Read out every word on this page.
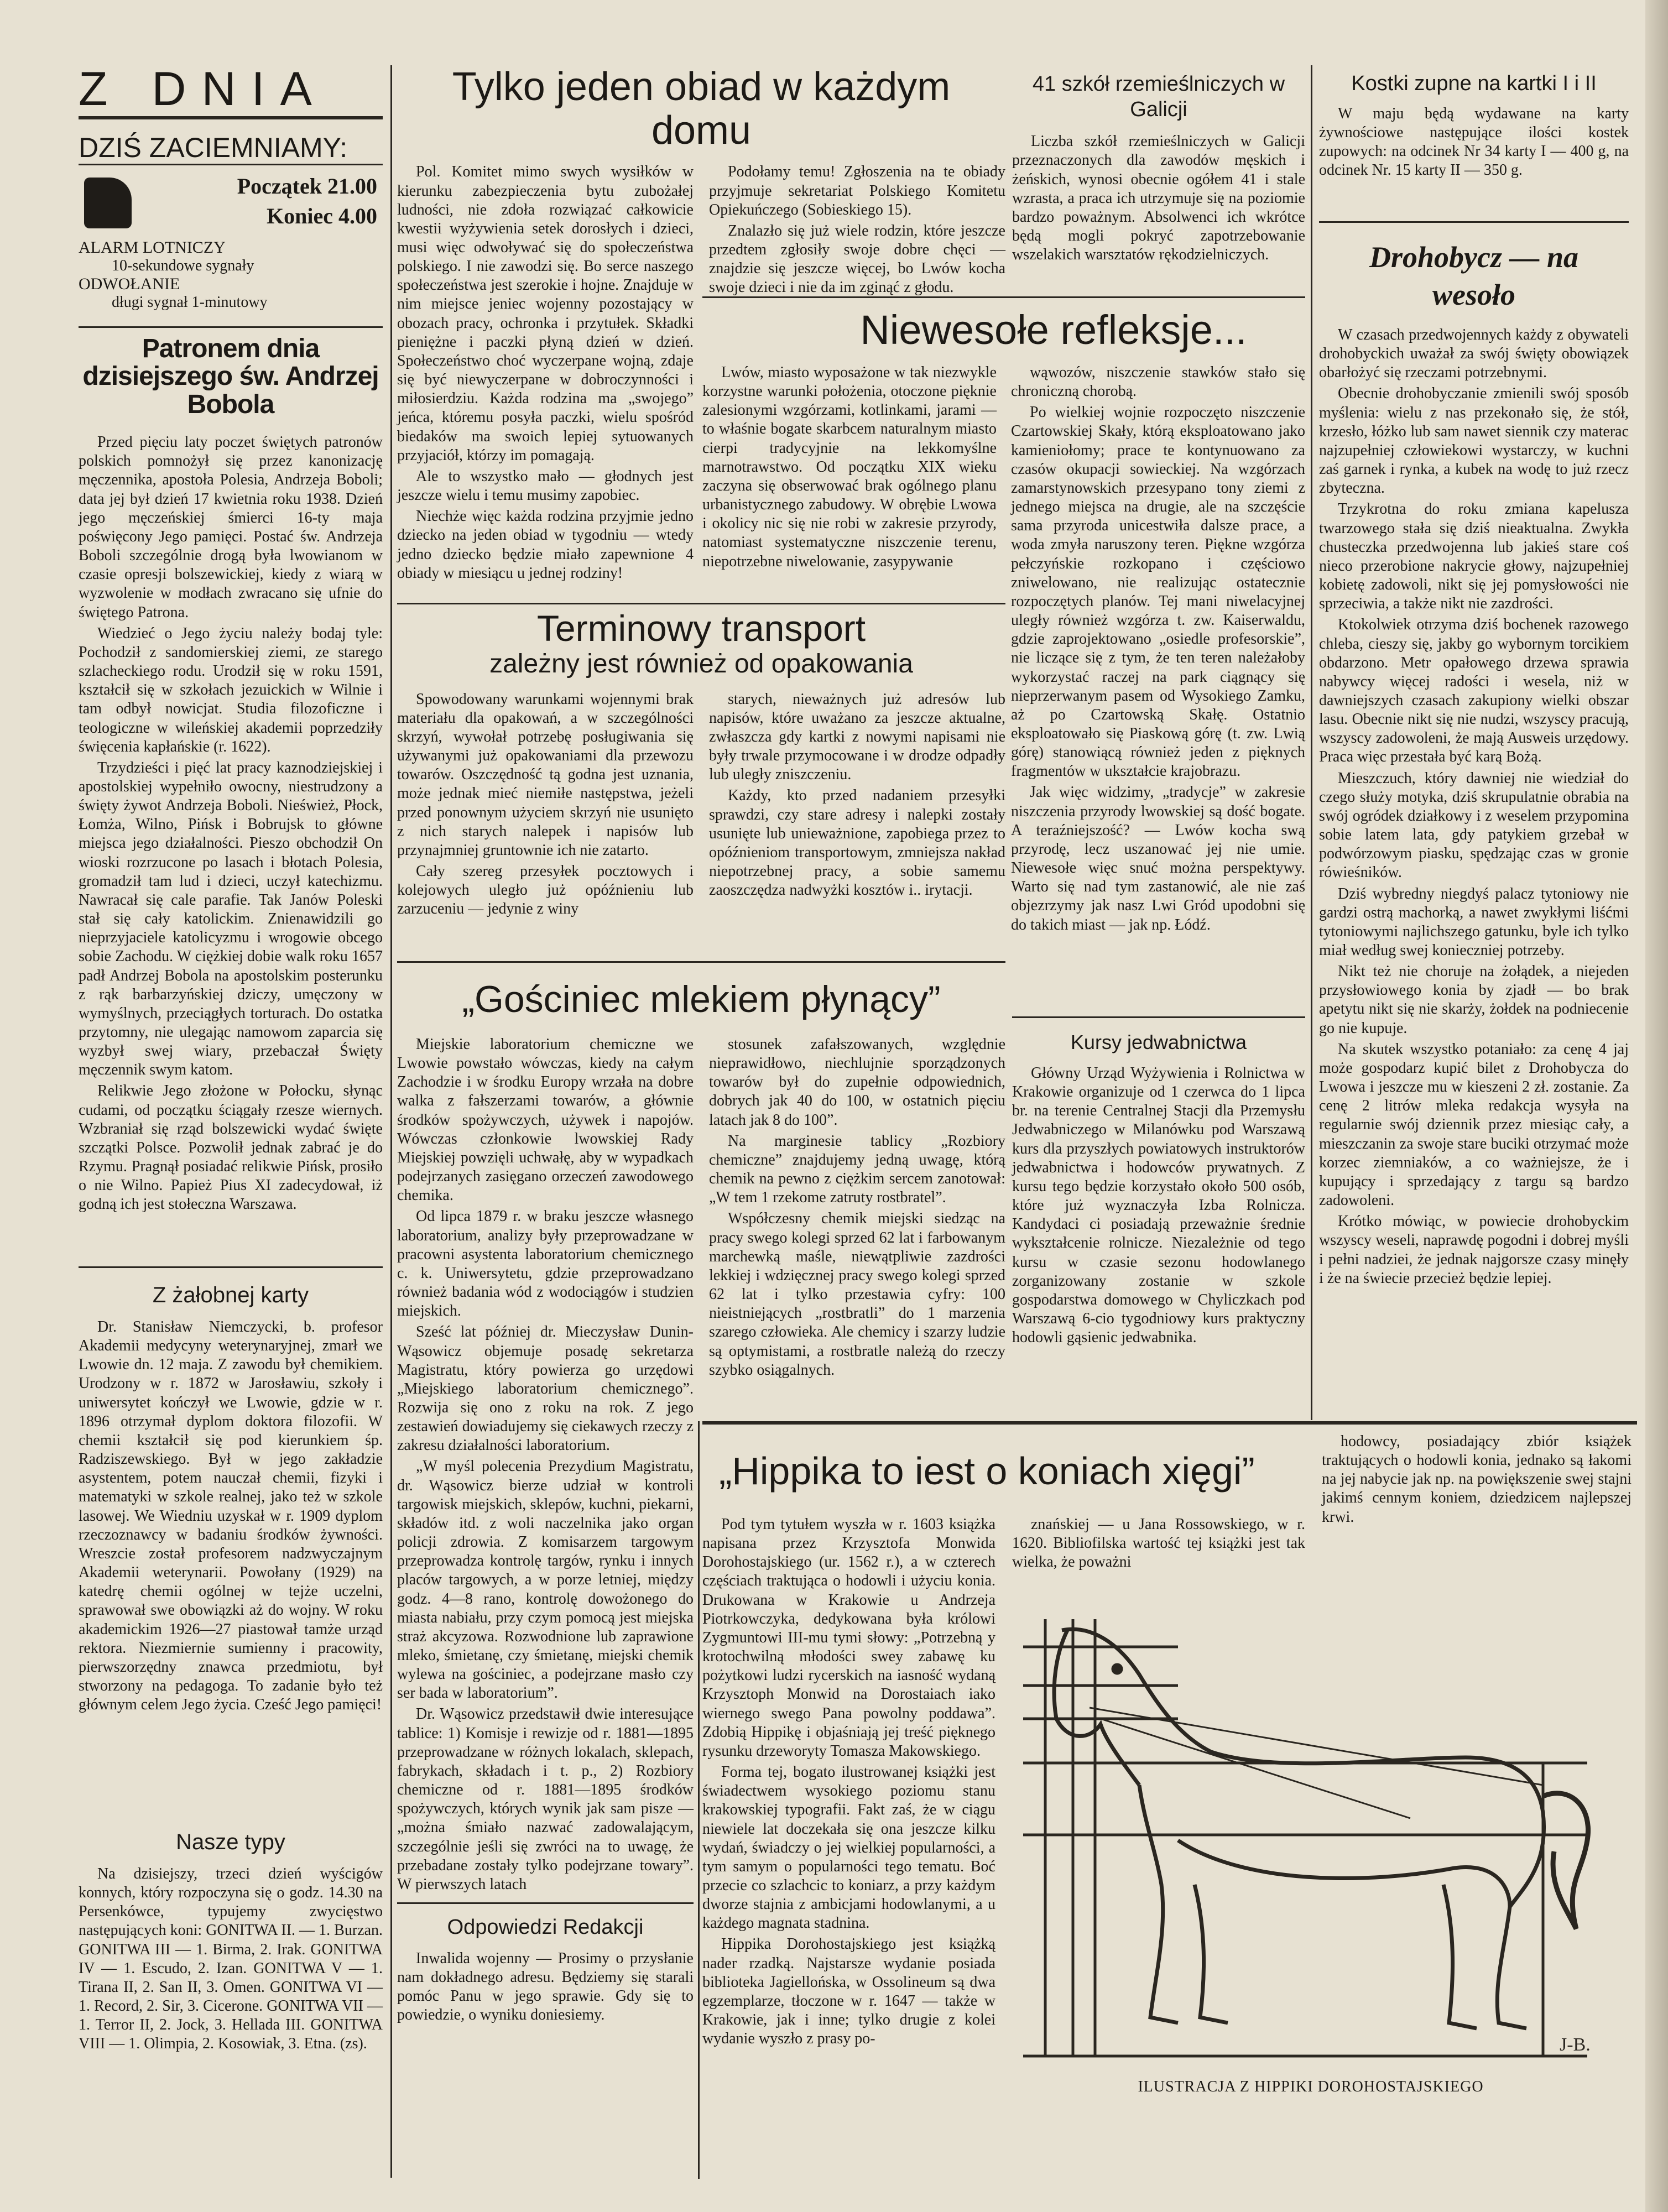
Z DNIA
DZIŚ ZACIEMNIAMY:
Początek 21.00
Koniec 4.00
ALARM LOTNICZY
10-sekundowe sygnały
ODWOŁANIE
długi sygnał 1-minutowy
Patronem dnia dzisiejszego św. Andrzej Bobola

Przed pięciu laty poczet świętych patronów polskich pomnożył się przez kanonizację męczennika, apostoła Polesia, Andrzeja Boboli; data jej był dzień 17 kwietnia roku 1938. Dzień jego męczeńskiej śmierci 16-ty maja poświęcony Jego pamięci. Postać św. Andrzeja Boboli szczególnie drogą była lwowianom w czasie opresji bolszewickiej, kiedy z wiarą w wyzwolenie w modłach zwracano się ufnie do świętego Patrona.

Wiedzieć o Jego życiu należy bodaj tyle: Pochodził z sandomierskiej ziemi, ze starego szlacheckiego rodu. Urodził się w roku 1591, kształcił się w szkołach jezuickich w Wilnie i tam odbył nowicjat. Studia filozoficzne i teologiczne w wileńskiej akademii poprzedziły święcenia kapłańskie (r. 1622).

Trzydzieści i pięć lat pracy kaznodziejskiej i apostolskiej wypełniło owocny, niestrudzony a święty żywot Andrzeja Boboli. Nieśwież, Płock, Łomża, Wilno, Pińsk i Bobrujsk to główne miejsca jego działalności. Pieszo obchodził On wioski rozrzucone po lasach i błotach Polesia, gromadził tam lud i dzieci, uczył katechizmu. Nawracał się cale parafie. Tak Janów Poleski stał się cały katolickim. Znienawidzili go nieprzyjaciele katolicyzmu i wrogowie obcego sobie Zachodu. W ciężkiej dobie walk roku 1657 padł Andrzej Bobola na apostolskim posterunku z rąk barbarzyńskiej dziczy, umęczony w wymyślnych, przeciągłych torturach. Do ostatka przytomny, nie ulegając namowom zaparcia się wyzbył swej wiary, przebaczał Święty męczennik swym katom.

Relikwie Jego złożone w Połocku, słynąc cudami, od początku ściągały rzesze wiernych. Wzbraniał się rząd bolszewicki wydać święte szczątki Polsce. Pozwolił jednak zabrać je do Rzymu. Pragnął posiadać relikwie Pińsk, prosiło o nie Wilno. Papież Pius XI zadecydował, iż godną ich jest stołeczna Warszawa.

Z żałobnej karty

Dr. Stanisław Niemczycki, b. profesor Akademii medycyny weterynaryjnej, zmarł we Lwowie dn. 12 maja. Z zawodu był chemikiem. Urodzony w r. 1872 w Jarosławiu, szkoły i uniwersytet kończył we Lwowie, gdzie w r. 1896 otrzymał dyplom doktora filozofii. W chemii kształcił się pod kierunkiem śp. Radziszewskiego. Był w jego zakładzie asystentem, potem nauczał chemii, fizyki i matematyki w szkole realnej, jako też w szkole lasowej. We Wiedniu uzyskał w r. 1909 dyplom rzeczoznawcy w badaniu środków żywności. Wreszcie został profesorem nadzwyczajnym Akademii weterynarii. Powołany (1929) na katedrę chemii ogólnej w tejże uczelni, sprawował swe obowiązki aż do wojny. W roku akademickim 1926—27 piastował tamże urząd rektora. Niezmiernie sumienny i pracowity, pierwszorzędny znawca przedmiotu, był stworzony na pedagoga. To zadanie było też głównym celem Jego życia. Cześć Jego pamięci!

Nasze typy

Na dzisiejszy, trzeci dzień wyścigów konnych, który rozpoczyna się o godz. 14.30 na Persenkówce, typujemy zwycięstwo następujących koni: GONITWA II. — 1. Burzan. GONITWA III — 1. Birma, 2. Irak. GONITWA IV — 1. Escudo, 2. Izan. GONITWA V — 1. Tirana II, 2. San II, 3. Omen. GONITWA VI — 1. Record, 2. Sir, 3. Cicerone. GONITWA VII — 1. Terror II, 2. Jock, 3. Hellada III. GONITWA VIII — 1. Olimpia, 2. Kosowiak, 3. Etna. (zs).

Tylko jeden obiad w każdym domu

Pol. Komitet mimo swych wysiłków w kierunku zabezpieczenia bytu zubożałej ludności, nie zdoła rozwiązać całkowicie kwestii wyżywienia setek dorosłych i dzieci, musi więc odwoływać się do społeczeństwa polskiego. I nie zawodzi się. Bo serce naszego społeczeństwa jest szerokie i hojne. Znajduje w nim miejsce jeniec wojenny pozostający w obozach pracy, ochronka i przytułek. Składki pieniężne i paczki płyną dzień w dzień. Społeczeństwo choć wyczerpane wojną, zdaje się być niewyczerpane w dobroczynności i miłosierdziu. Każda rodzina ma „swojego” jeńca, któremu posyła paczki, wielu spośród biedaków ma swoich lepiej sytuowanych przyjaciół, którzy im pomagają.

Ale to wszystko mało — głodnych jest jeszcze wielu i temu musimy zapobiec.

Niechże więc każda rodzina przyjmie jedno dziecko na jeden obiad w tygodniu — wtedy jedno dziecko będzie miało zapewnione 4 obiady w miesiącu u jednej rodziny!

Podołamy temu! Zgłoszenia na te obiady przyjmuje sekretariat Polskiego Komitetu Opiekuńczego (Sobieskiego 15).

Znalazło się już wiele rodzin, które jeszcze przedtem zgłosiły swoje dobre chęci — znajdzie się jeszcze więcej, bo Lwów kocha swoje dzieci i nie da im zginąć z głodu.

41 szkół rzemieślniczych w Galicji

Liczba szkół rzemieślniczych w Galicji przeznaczonych dla zawodów męskich i żeńskich, wynosi obecnie ogółem 41 i stale wzrasta, a praca ich utrzymuje się na poziomie bardzo poważnym. Absolwenci ich wkrótce będą mogli pokryć zapotrzebowanie wszelakich warsztatów rękodzielniczych.

Kostki zupne na kartki I i II

W maju będą wydawane na karty żywnościowe następujące ilości kostek zupowych: na odcinek Nr 34 karty I — 400 g, na odcinek Nr. 15 karty II — 350 g.

Drohobycz — na wesoło

W czasach przedwojennych każdy z obywateli drohobyckich uważał za swój święty obowiązek obarłożyć się rzeczami potrzebnymi.

Obecnie drohobyczanie zmienili swój sposób myślenia: wielu z nas przekonało się, że stół, krzesło, łóżko lub sam nawet siennik czy materac najzupełniej człowiekowi wystarczy, w kuchni zaś garnek i rynka, a kubek na wodę to już rzecz zbyteczna.

Trzykrotna do roku zmiana kapelusza twarzowego stała się dziś nieaktualna. Zwykła chusteczka przedwojenna lub jakieś stare coś nieco przerobione nakrycie głowy, najzupełniej kobietę zadowoli, nikt się jej pomysłowości nie sprzeciwia, a także nikt nie zazdrości.

Ktokolwiek otrzyma dziś bochenek razowego chleba, cieszy się, jakby go wybornym torcikiem obdarzono. Metr opałowego drzewa sprawia nabywcy więcej radości i wesela, niż w dawniejszych czasach zakupiony wielki obszar lasu. Obecnie nikt się nie nudzi, wszyscy pracują, wszyscy zadowoleni, że mają Ausweis urzędowy. Praca więc przestała być karą Bożą.

Mieszczuch, który dawniej nie wiedział do czego służy motyka, dziś skrupulatnie obrabia na swój ogródek działkowy i z weselem przypomina sobie latem lata, gdy patykiem grzebał w podwórzowym piasku, spędzając czas w gronie rówieśników.

Dziś wybredny niegdyś palacz tytoniowy nie gardzi ostrą machorką, a nawet zwykłymi liśćmi tytoniowymi najlichszego gatunku, byle ich tylko miał według swej konieczniej potrzeby.

Nikt też nie choruje na żołądek, a niejeden przysłowiowego konia by zjadł — bo brak apetytu nikt się nie skarży, żołdek na podniecenie go nie kupuje.

Na skutek wszystko potaniało: za cenę 4 jaj może gospodarz kupić bilet z Drohobycza do Lwowa i jeszcze mu w kieszeni 2 zł. zostanie. Za cenę 2 litrów mleka redakcja wysyła na regularnie swój dziennik przez miesiąc cały, a mieszczanin za swoje stare bucikі otrzymać może korzec ziemniaków, a co ważniejsze, że i kupujący i sprzedający z targu są bardzo zadowoleni.

Krótko mówiąc, w powiecie drohobyckim wszyscy weseli, naprawdę pogodni i dobrej myśli i pełni nadziei, że jednak najgorsze czasy minęły i że na świecie przecież będzie lepiej.

Niewesołe refleksje...

Lwów, miasto wyposażone w tak niezwykle korzystne warunki położenia, otoczone pięknie zalesionymi wzgórzami, kotlinkami, jarami — to właśnie bogate skarbcem naturalnym miasto cierpi tradycyjnie na lekkomyślne marnotrawstwo. Od początku XIX wieku zaczyna się obserwować brak ogólnego planu urbanistycznego zabudowy. W obrębie Lwowa i okolicy nic się nie robi w zakresie przyrody, natomiast systematyczne niszczenie terenu, niepotrzebne niwelowanie, zasypywanie

wąwozów, niszczenie stawków stało się chroniczną chorobą.

Po wielkiej wojnie rozpoczęto niszczenie Czartowskiej Skały, którą eksploatowano jako kamieniołomy; prace te kontynuowano za czasów okupacji sowieckiej. Na wzgórzach zamarstynowskich przesypano tony ziemi z jednego miejsca na drugie, ale na szczęście sama przyroda unicestwiła dalsze prace, a woda zmyła naruszony teren. Piękne wzgórza pełczyńskie rozkopano i częściowo zniwelowano, nie realizując ostatecznie rozpoczętych planów. Tej mani niwelacyjnej uległy również wzgórza t. zw. Kaiserwaldu, gdzie zaprojektowano „osiedle profesorskie”, nie liczące się z tym, że ten teren należałoby wykorzystać raczej na park ciągnący się nieprzerwanym pasem od Wysokiego Zamku, aż po Czartowską Skałę. Ostatnio eksploatowało się Piaskową górę (t. zw. Lwią górę) stanowiącą również jeden z pięknych fragmentów w ukształcie krajobrazu.

Jak więc widzimy, „tradycje” w zakresie niszczenia przyrody lwowskiej są dość bogate. A teraźniejszość? — Lwów kocha swą przyrodę, lecz uszanować jej nie umie. Niewesołe więc snuć można perspektywy. Warto się nad tym zastanowić, ale nie zaś objezrzymy jak nasz Lwi Gród upodobni się do takich miast — jak np. Łódź.

Terminowy transport
zależny jest również od opakowania

Spowodowany warunkami wojennymi brak materiału dla opakowań, a w szczególności skrzyń, wywołał potrzebę posługiwania się używanymi już opakowaniami dla przewozu towarów. Oszczędność tą godna jest uznania, może jednak mieć niemiłe następstwa, jeżeli przed ponownym użyciem skrzyń nie usunięto z nich starych nalepek i napisów lub przynajmniej gruntownie ich nie zatarto.

Cały szereg przesyłek pocztowych i kolejowych uległo już opóźnieniu lub zarzuceniu — jedynie z winy

starych, nieważnych już adresów lub napisów, które uważano za jeszcze aktualne, zwłaszcza gdy kartki z nowymi napisami nie były trwale przymocowane i w drodze odpadły lub uległy zniszczeniu.

Każdy, kto przed nadaniem przesyłki sprawdzi, czy stare adresy i nalepki zostały usunięte lub unieważnione, zapobiega przez to opóźnieniom transportowym, zmniejsza nakład niepotrzebnej pracy, a sobie samemu zaoszczędza nadwyżki kosztów i.. irytacji.

„Gościniec mlekiem płynący”

Miejskie laboratorium chemiczne we Lwowie powstało wówczas, kiedy na całym Zachodzie i w środku Europy wrzała na dobre walka z fałszerzami towarów, a głównie środków spożywczych, używek i napojów. Wówczas członkowie lwowskiej Rady Miejskiej powzięli uchwałę, aby w wypadkach podejrzanych zasięgano orzeczeń zawodowego chemika.

Od lipca 1879 r. w braku jeszcze własnego laboratorium, analizy były przeprowadzane w pracowni asystenta laboratorium chemicznego c. k. Uniwersytetu, gdzie przeprowadzano również badania wód z wodociągów i studzien miejskich.

Sześć lat później dr. Mieczysław Dunin-Wąsowicz objemuje posadę sekretarza Magistratu, który powierza go urzędowi „Miejskiego laboratorium chemicznego”. Rozwija się ono z roku na rok. Z jego zestawień dowiadujemy się ciekawych rzeczy z zakresu działalności laboratorium.

„W myśl polecenia Prezydium Magistratu, dr. Wąsowicz bierze udział w kontroli targowisk miejskich, sklepów, kuchni, piekarni, składów itd. z woli naczelnika jako organ policji zdrowia. Z komisarzem targowym przeprowadza kontrolę targów, rynku i innych placów targowych, a w porze letniej, między godz. 4—8 rano, kontrolę dowożonego do miasta nabiału, przy czym pomocą jest miejska straż akcyzowa. Rozwodnione lub zaprawione mleko, śmietanę, czy śmietanę, miejski chemik wylewa na gościniec, a podejrzane masło czy ser bada w laboratorium”.

Dr. Wąsowicz przedstawił dwie interesujące tablice: 1) Komisje i rewizje od r. 1881—1895 przeprowadzane w różnych lokalach, sklepach, fabrykach, składach i t. p., 2) Rozbiory chemiczne od r. 1881—1895 środków spożywczych, których wynik jak sam pisze — „można śmiało nazwać zadowalającym, szczególnie jeśli się zwróci na to uwagę, że przebadane zostały tylko podejrzane towary”. W pierwszych latach

stosunek zafałszowanych, względnie nieprawidłowo, niechlujnie sporządzonych towarów był do zupełnie odpowiednich, dobrych jak 40 do 100, w ostatnich pięciu latach jak 8 do 100”.

Na marginesie tablicy „Rozbiory chemiczne” znajdujemy jedną uwagę, którą chemik na pewno z ciężkim sercem zanotował: „W tem 1 rzekome zatruty rostbratel”.

Współczesny chemik miejski siedząc na pracy swego kolegi sprzed 62 lat i farbowanym marchewką maśle, niewątpliwie zazdrości lekkiej i wdzięcznej pracy swego kolegi sprzed 62 lat i tylko przestawia cyfry: 100 nieistniejących „rostbratli” do 1 marzenia szarego człowieka. Ale chemicy i szarzy ludzie są optymistami, a rostbratle należą do rzeczy szybko osiągalnych.

Kursy jedwabnictwa

Główny Urząd Wyżywienia i Rolnictwa w Krakowie organizuje od 1 czerwca do 1 lipca br. na terenie Centralnej Stacji dla Przemysłu Jedwabniczego w Milanówku pod Warszawą kurs dla przyszłych powiatowych instruktorów jedwabnictwa i hodowców prywatnych. Z kursu tego będzie korzystało około 500 osób, które już wyznaczyła Izba Rolnicza. Kandydaci ci posiadają przeważnie średnie wykształcenie rolnicze. Niezależnie od tego kursu w czasie sezonu hodowlanego zorganizowany zostanie w szkole gospodarstwa domowego w Chyliczkach pod Warszawą 6-cio tygodniowy kurs praktyczny hodowli gąsienic jedwabnika.

Odpowiedzi Redakcji

Inwalida wojenny — Prosimy o przysłanie nam dokładnego adresu. Będziemy się starali pomóc Panu w jego sprawie. Gdy się to powiedzie, o wyniku doniesiemy.

„Hippika to iest o koniach xięgi”

Pod tym tytułem wyszła w r. 1603 książka napisana przez Krzysztofa Monwida Dorohostajskiego (ur. 1562 r.), a w czterech częściach traktująca o hodowli i użyciu konia. Drukowana w Krakowie u Andrzeja Piotrkowczyka, dedykowana była królowi Zygmuntowi III-mu tymi słowy: „Potrzebną y krotochwilną młodości swey zabawę ku pożytkowi ludzi rycerskich na iasność wydaną Krzysztoph Monwid na Dorostaiach iako wiernego swego Pana powolny poddawa”. Zdobią Hippikę i objaśniają jej treść pięknego rysunku drzeworyty Tomasza Makowskiego.

Forma tej, bogato ilustrowanej książki jest świadectwem wysokiego poziomu stanu krakowskiej typografii. Fakt zaś, że w ciągu niewiele lat doczekała się ona jeszcze kilku wydań, świadczy o jej wielkiej popularności, a tym samym o popularności tego tematu. Boć przecie co szlachcic to koniarz, a przy każdym dworze stajnia z ambicjami hodowlanymi, a u każdego magnata stadnina.

Hippika Dorohostajskiego jest książką nader rzadką. Najstarsze wydanie posiada biblioteka Jagiellońska, w Ossolineum są dwa egzemplarze, tłoczone w r. 1647 — także w Krakowie, jak i inne; tylko drugie z kolei wydanie wyszło z prasy po-

znańskiej — u Jana Rossowskiego, w r. 1620. Bibliofilska wartość tej książki jest tak wielka, że poważni

hodowcy, posiadający zbiór książek traktujących o hodowli konia, jednako są łakomi na jej nabycie jak np. na powiększenie swej stajni jakimś cennym koniem, dziedzicem najlepszej krwi.

J-B.
ILUSTRACJA Z HIPPIKI DOROHOSTAJSKIEGO
